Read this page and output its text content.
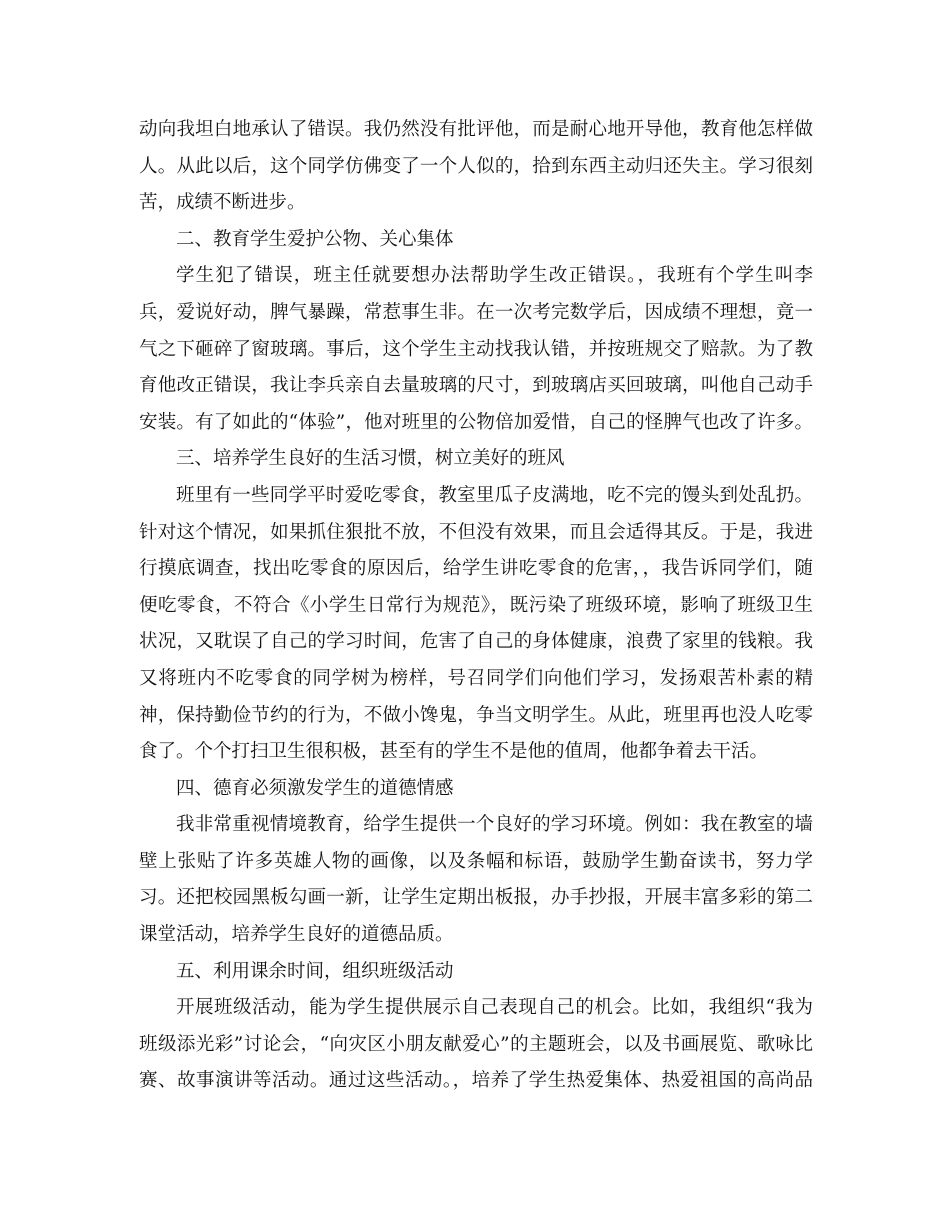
动向我坦白地承认了错误。我仍然没有批评他，而是耐心地开导他，教育他怎样做
人。从此以后，这个同学仿佛变了一个人似的，拾到东西主动归还失主。学习很刻
苦，成绩不断进步。
二、教育学生爱护公物、关心集体
学生犯了错误，班主任就要想办法帮助学生改正错误。，我班有个学生叫李
兵，爱说好动，脾气暴躁，常惹事生非。在一次考完数学后，因成绩不理想，竟一
气之下砸碎了窗玻璃。事后，这个学生主动找我认错，并按班规交了赔款。为了教
育他改正错误，我让李兵亲自去量玻璃的尺寸，到玻璃店买回玻璃，叫他自己动手
安装。有了如此的“体验”，他对班里的公物倍加爱惜，自己的怪脾气也改了许多。
三、培养学生良好的生活习惯，树立美好的班风
班里有一些同学平时爱吃零食，教室里瓜子皮满地，吃不完的馒头到处乱扔。
针对这个情况，如果抓住狠批不放，不但没有效果，而且会适得其反。于是，我进
行摸底调查，找出吃零食的原因后，给学生讲吃零食的危害，，我告诉同学们，随
便吃零食，不符合《小学生日常行为规范》，既污染了班级环境，影响了班级卫生
状况，又耽误了自己的学习时间，危害了自己的身体健康，浪费了家里的钱粮。我
又将班内不吃零食的同学树为榜样，号召同学们向他们学习，发扬艰苦朴素的精
神，保持勤俭节约的行为，不做小馋鬼，争当文明学生。从此，班里再也没人吃零
食了。个个打扫卫生很积极，甚至有的学生不是他的值周，他都争着去干活。
四、德育必须激发学生的道德情感
我非常重视情境教育，给学生提供一个良好的学习环境。例如：我在教室的墙
壁上张贴了许多英雄人物的画像，以及条幅和标语，鼓励学生勤奋读书，努力学
习。还把校园黑板勾画一新，让学生定期出板报，办手抄报，开展丰富多彩的第二
课堂活动，培养学生良好的道德品质。
五、利用课余时间，组织班级活动
开展班级活动，能为学生提供展示自己表现自己的机会。比如，我组织“我为
班级添光彩”讨论会，“向灾区小朋友献爱心”的主题班会，以及书画展览、歌咏比
赛、故事演讲等活动。通过这些活动。，培养了学生热爱集体、热爱祖国的高尚品
